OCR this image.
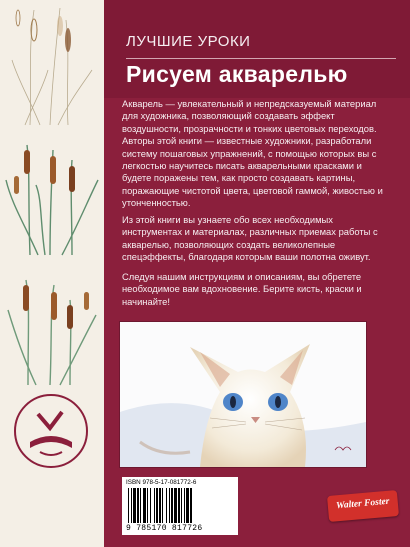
ЛУЧШИЕ УРОКИ
Рисуем акварелью

Акварель — увлекательный и непредсказуемый материал для художника, позволяющий создавать эффект воздушности, прозрачности и тонких цветовых переходов. Авторы этой книги — известные художники, разработали систему пошаговых упражнений, с помощью которых вы с легкостью научитесь писать акварельными красками и будете поражены тем, как просто создавать картины, поражающие чистотой цвета, цветовой гаммой, живостью и утонченностью.

Из этой книги вы узнаете обо всех необходимых инструментах и материалах, различных приемах работы с акварелью, позволяющих создать великолепные спецэффекты, благодаря которым ваши полотна оживут.

Следуя нашим инструкциям и описаниям, вы обретете необходимое вам вдохновение. Берите кисть, краски и начинайте!

ISBN 978-5-17-081772-6
9 785170 817726
Walter Foster
